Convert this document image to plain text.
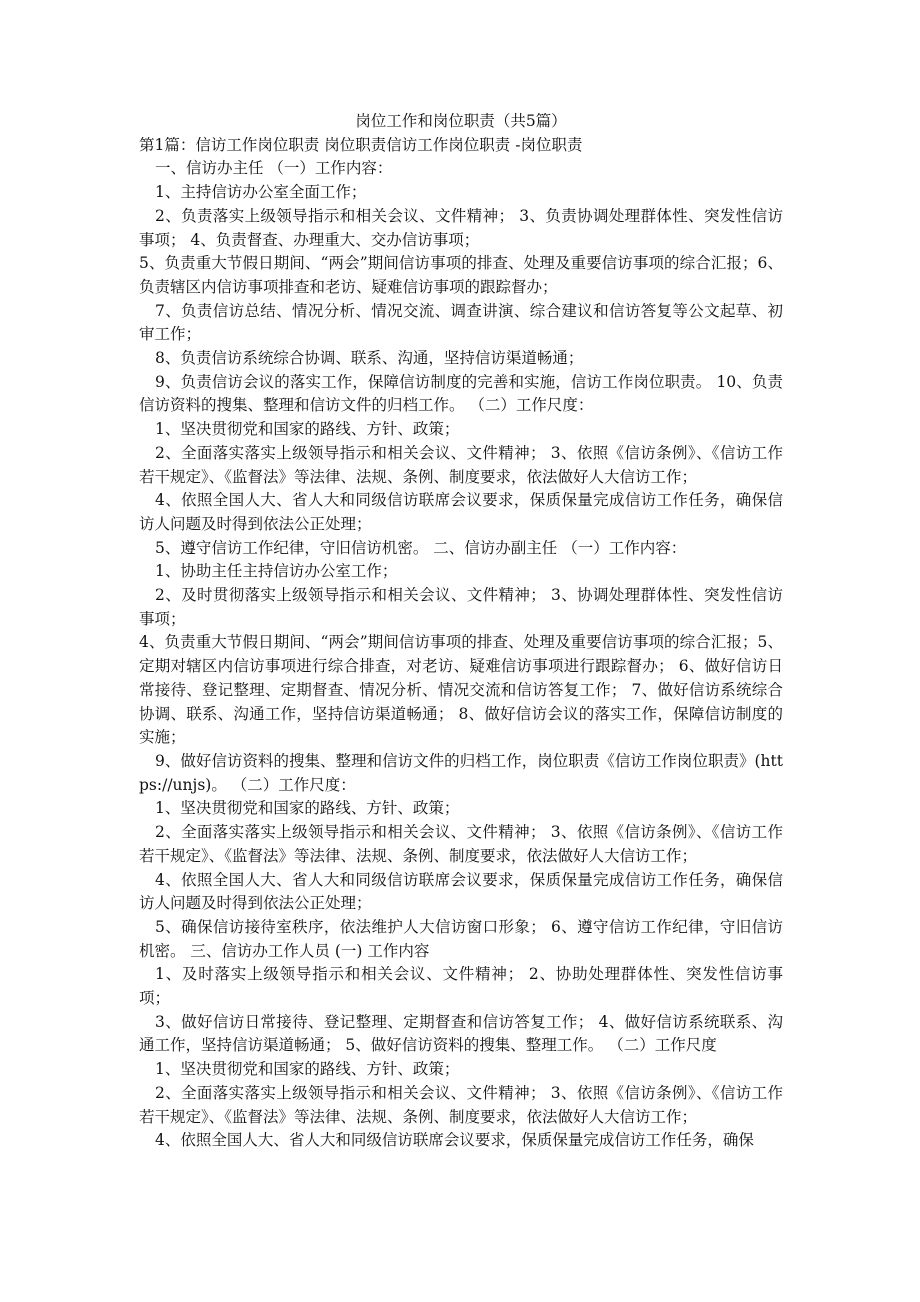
岗位工作和岗位职责（共5篇）

第1篇：信访工作岗位职责 岗位职责信访工作岗位职责 -岗位职责

一、信访办主任 （一）工作内容：

1、主持信访办公室全面工作；

2、负责落实上级领导指示和相关会议、文件精神； 3、负责协调处理群体性、突发性信访事项； 4、负责督查、办理重大、交办信访事项；

5、负责重大节假日期间、“两会”期间信访事项的排查、处理及重要信访事项的综合汇报；6、负责辖区内信访事项排查和老访、疑难信访事项的跟踪督办；

7、负责信访总结、情况分析、情况交流、调查讲演、综合建议和信访答复等公文起草、初审工作；

8、负责信访系统综合协调、联系、沟通，坚持信访渠道畅通；

9、负责信访会议的落实工作，保障信访制度的完善和实施，信访工作岗位职责。 10、负责信访资料的搜集、整理和信访文件的归档工作。 （二）工作尺度：

1、坚决贯彻党和国家的路线、方针、政策；

2、全面落实落实上级领导指示和相关会议、文件精神； 3、依照《信访条例》、《信访工作若干规定》、《监督法》等法律、法规、条例、制度要求，依法做好人大信访工作；

4、依照全国人大、省人大和同级信访联席会议要求，保质保量完成信访工作任务，确保信访人问题及时得到依法公正处理；

5、遵守信访工作纪律，守旧信访机密。 二、信访办副主任 （一）工作内容：

1、协助主任主持信访办公室工作；

2、及时贯彻落实上级领导指示和相关会议、文件精神； 3、协调处理群体性、突发性信访事项；

4、负责重大节假日期间、“两会”期间信访事项的排查、处理及重要信访事项的综合汇报；5、定期对辖区内信访事项进行综合排查，对老访、疑难信访事项进行跟踪督办； 6、做好信访日常接待、登记整理、定期督查、情况分析、情况交流和信访答复工作； 7、做好信访系统综合协调、联系、沟通工作，坚持信访渠道畅通； 8、做好信访会议的落实工作，保障信访制度的实施；

9、做好信访资料的搜集、整理和信访文件的归档工作，岗位职责《信访工作岗位职责》(https://unjs)。 （二）工作尺度：

1、坚决贯彻党和国家的路线、方针、政策；

2、全面落实落实上级领导指示和相关会议、文件精神； 3、依照《信访条例》、《信访工作若干规定》、《监督法》等法律、法规、条例、制度要求，依法做好人大信访工作；

4、依照全国人大、省人大和同级信访联席会议要求，保质保量完成信访工作任务，确保信访人问题及时得到依法公正处理；

5、确保信访接待室秩序，依法维护人大信访窗口形象； 6、遵守信访工作纪律，守旧信访机密。 三、信访办工作人员 (一) 工作内容

1、及时落实上级领导指示和相关会议、文件精神； 2、协助处理群体性、突发性信访事项；

3、做好信访日常接待、登记整理、定期督查和信访答复工作； 4、做好信访系统联系、沟通工作，坚持信访渠道畅通； 5、做好信访资料的搜集、整理工作。 （二）工作尺度

1、坚决贯彻党和国家的路线、方针、政策；

2、全面落实落实上级领导指示和相关会议、文件精神； 3、依照《信访条例》、《信访工作若干规定》、《监督法》等法律、法规、条例、制度要求，依法做好人大信访工作；

4、依照全国人大、省人大和同级信访联席会议要求，保质保量完成信访工作任务，确保
